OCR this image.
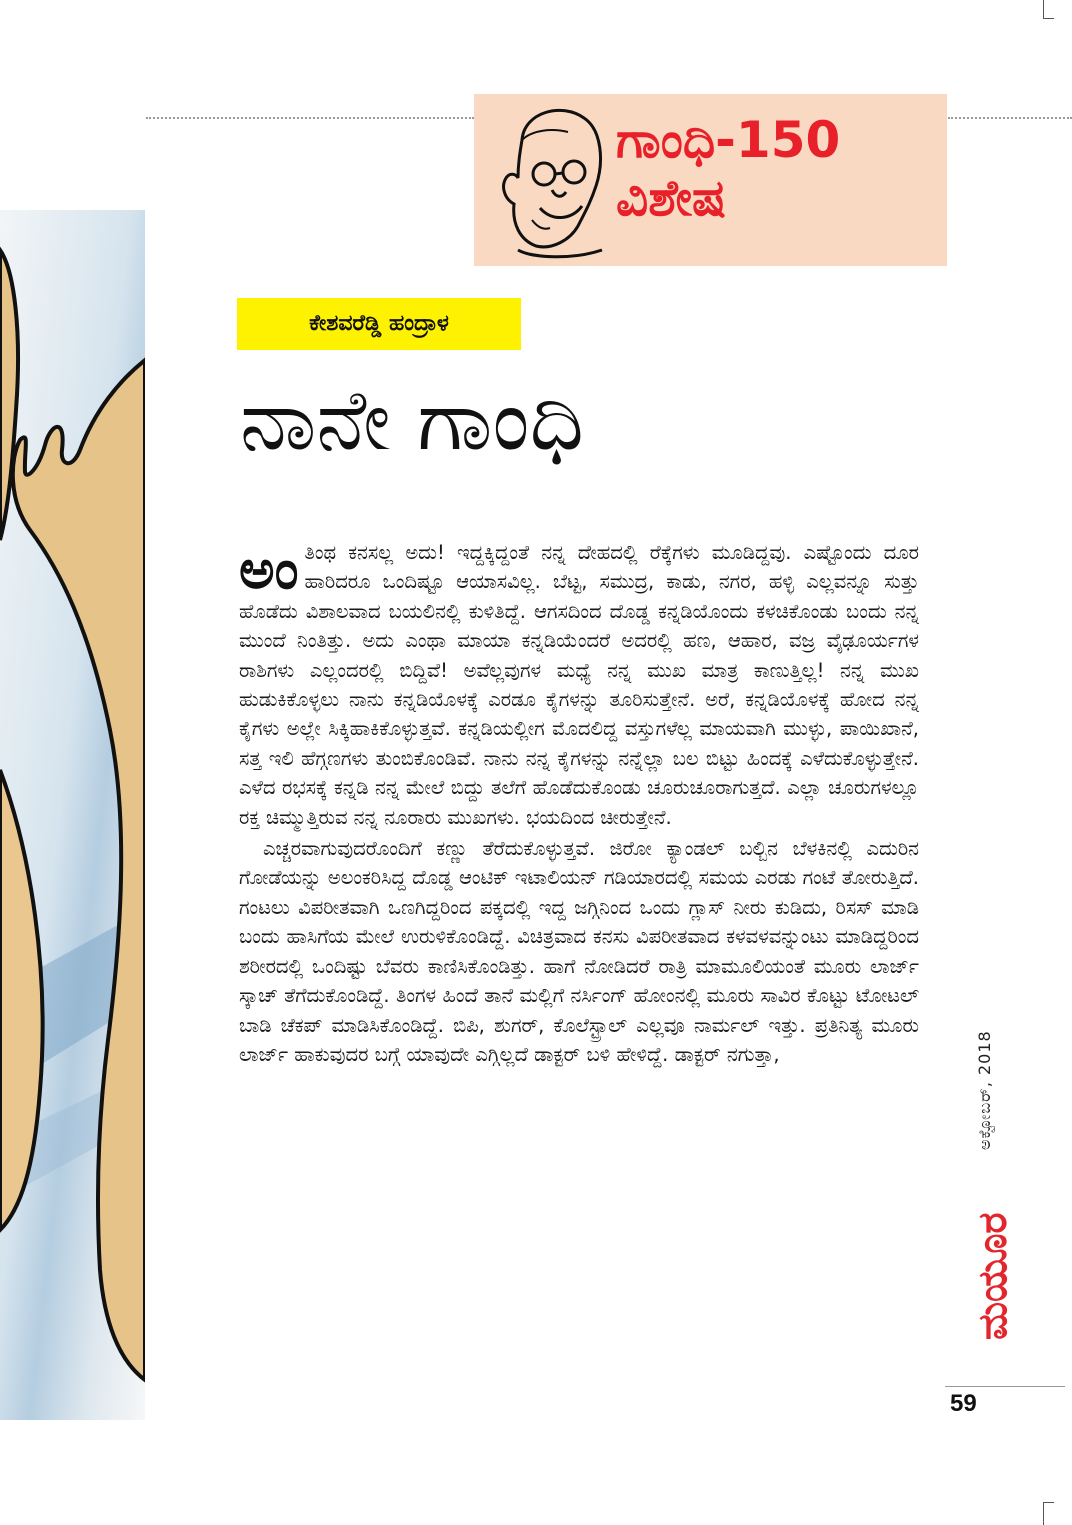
ಗಾಂಧಿ-150
ವಿಶೇಷ
ಕೇಶವರೆಡ್ಡಿ ಹಂದ್ರಾಳ
ನಾನೇ ಗಾಂಧಿ

ಅಂ ತಿಂಥ ಕನಸಲ್ಲ ಅದು! ಇದ್ದಕ್ಕಿದ್ದಂತೆ ನನ್ನ ದೇಹದಲ್ಲಿ ರೆಕ್ಕೆಗಳು ಮೂಡಿದ್ದವು. ಎಷ್ಟೊಂದು ದೂರ ಹಾರಿದರೂ ಒಂದಿಷ್ಟೂ ಆಯಾಸವಿಲ್ಲ. ಬೆಟ್ಟ, ಸಮುದ್ರ, ಕಾಡು, ನಗರ, ಹಳ್ಳಿ ಎಲ್ಲವನ್ನೂ ಸುತ್ತು ಹೊಡೆದು ವಿಶಾಲವಾದ ಬಯಲಿನಲ್ಲಿ ಕುಳಿತಿದ್ದೆ. ಆಗಸದಿಂದ ದೊಡ್ಡ ಕನ್ನಡಿಯೊಂದು ಕಳಚಿಕೊಂಡು ಬಂದು ನನ್ನ ಮುಂದೆ ನಿಂತಿತ್ತು. ಅದು ಎಂಥಾ ಮಾಯಾ ಕನ್ನಡಿಯೆಂದರೆ ಅದರಲ್ಲಿ ಹಣ, ಆಹಾರ, ವಜ್ರ ವೈಢೂರ್ಯಗಳ ರಾಶಿಗಳು ಎಲ್ಲಂದರಲ್ಲಿ ಬಿದ್ದಿವೆ! ಅವೆಲ್ಲವುಗಳ ಮಧ್ಯೆ ನನ್ನ ಮುಖ ಮಾತ್ರ ಕಾಣುತ್ತಿಲ್ಲ! ನನ್ನ ಮುಖ ಹುಡುಕಿಕೊಳ್ಳಲು ನಾನು ಕನ್ನಡಿಯೊಳಕ್ಕೆ ಎರಡೂ ಕೈಗಳನ್ನು ತೂರಿಸುತ್ತೇನೆ. ಅರೆ, ಕನ್ನಡಿಯೊಳಕ್ಕೆ ಹೋದ ನನ್ನ ಕೈಗಳು ಅಲ್ಲೇ ಸಿಕ್ಕಿಹಾಕಿಕೊಳ್ಳುತ್ತವೆ. ಕನ್ನಡಿಯಲ್ಲೀಗ ಮೊದಲಿದ್ದ ವಸ್ತುಗಳೆಲ್ಲ ಮಾಯವಾಗಿ ಮುಳ್ಳು, ಪಾಯಿಖಾನೆ, ಸತ್ತ ಇಲಿ ಹೆಗ್ಗಣಗಳು ತುಂಬಿಕೊಂಡಿವೆ. ನಾನು ನನ್ನ ಕೈಗಳನ್ನು ನನ್ನೆಲ್ಲಾ ಬಲ ಬಿಟ್ಟು ಹಿಂದಕ್ಕೆ ಎಳೆದುಕೊಳ್ಳುತ್ತೇನೆ. ಎಳೆದ ರಭಸಕ್ಕೆ ಕನ್ನಡಿ ನನ್ನ ಮೇಲೆ ಬಿದ್ದು ತಲೆಗೆ ಹೊಡೆದುಕೊಂಡು ಚೂರುಚೂರಾಗುತ್ತದೆ. ಎಲ್ಲಾ ಚೂರುಗಳಲ್ಲೂ ರಕ್ತ ಚಿಮ್ಮುತ್ತಿರುವ ನನ್ನ ನೂರಾರು ಮುಖಗಳು. ಭಯದಿಂದ ಚೀರುತ್ತೇನೆ.

ಎಚ್ಚರವಾಗುವುದರೊಂದಿಗೆ ಕಣ್ಣು ತೆರೆದುಕೊಳ್ಳುತ್ತವೆ. ಜಿರೋ ಕ್ಯಾಂಡಲ್ ಬಲ್ಬಿನ ಬೆಳಕಿನಲ್ಲಿ ಎದುರಿನ ಗೋಡೆಯನ್ನು ಅಲಂಕರಿಸಿದ್ದ ದೊಡ್ಡ ಆಂಟಿಕ್ ಇಟಾಲಿಯನ್ ಗಡಿಯಾರದಲ್ಲಿ ಸಮಯ ಎರಡು ಗಂಟೆ ತೋರುತ್ತಿದೆ. ಗಂಟಲು ವಿಪರೀತವಾಗಿ ಒಣಗಿದ್ದರಿಂದ ಪಕ್ಕದಲ್ಲಿ ಇದ್ದ ಜಗ್ಗಿನಿಂದ ಒಂದು ಗ್ಲಾಸ್ ನೀರು ಕುಡಿದು, ರಿಸಸ್ ಮಾಡಿ ಬಂದು ಹಾಸಿಗೆಯ ಮೇಲೆ ಉರುಳಿಕೊಂಡಿದ್ದೆ. ವಿಚಿತ್ರವಾದ ಕನಸು ವಿಪರೀತವಾದ ಕಳವಳವನ್ನುಂಟು ಮಾಡಿದ್ದರಿಂದ ಶರೀರದಲ್ಲಿ ಒಂದಿಷ್ಟು ಬೆವರು ಕಾಣಿಸಿಕೊಂಡಿತ್ತು. ಹಾಗೆ ನೋಡಿದರೆ ರಾತ್ರಿ ಮಾಮೂಲಿಯಂತೆ ಮೂರು ಲಾರ್ಜ್ ಸ್ಕಾಚ್ ತೆಗೆದುಕೊಂಡಿದ್ದೆ. ತಿಂಗಳ ಹಿಂದೆ ತಾನೆ ಮಲ್ಲಿಗೆ ನರ್ಸಿಂಗ್ ಹೋಂನಲ್ಲಿ ಮೂರು ಸಾವಿರ ಕೊಟ್ಟು ಟೋಟಲ್ ಬಾಡಿ ಚೆಕಪ್ ಮಾಡಿಸಿಕೊಂಡಿದ್ದೆ. ಬಿಪಿ, ಶುಗರ್, ಕೊಲೆಸ್ಟ್ರಾಲ್ ಎಲ್ಲವೂ ನಾರ್ಮಲ್ ಇತ್ತು. ಪ್ರತಿನಿತ್ಯ ಮೂರು ಲಾರ್ಜ್ ಹಾಕುವುದರ ಬಗ್ಗೆ ಯಾವುದೇ ಎಗ್ಗಿಲ್ಲದೆ ಡಾಕ್ಟರ್ ಬಳಿ ಹೇಳಿದ್ದೆ. ಡಾಕ್ಟರ್ ನಗುತ್ತಾ,

ಮಯೂರ
ಅಕ್ಟೋಬರ್, 2018
59
